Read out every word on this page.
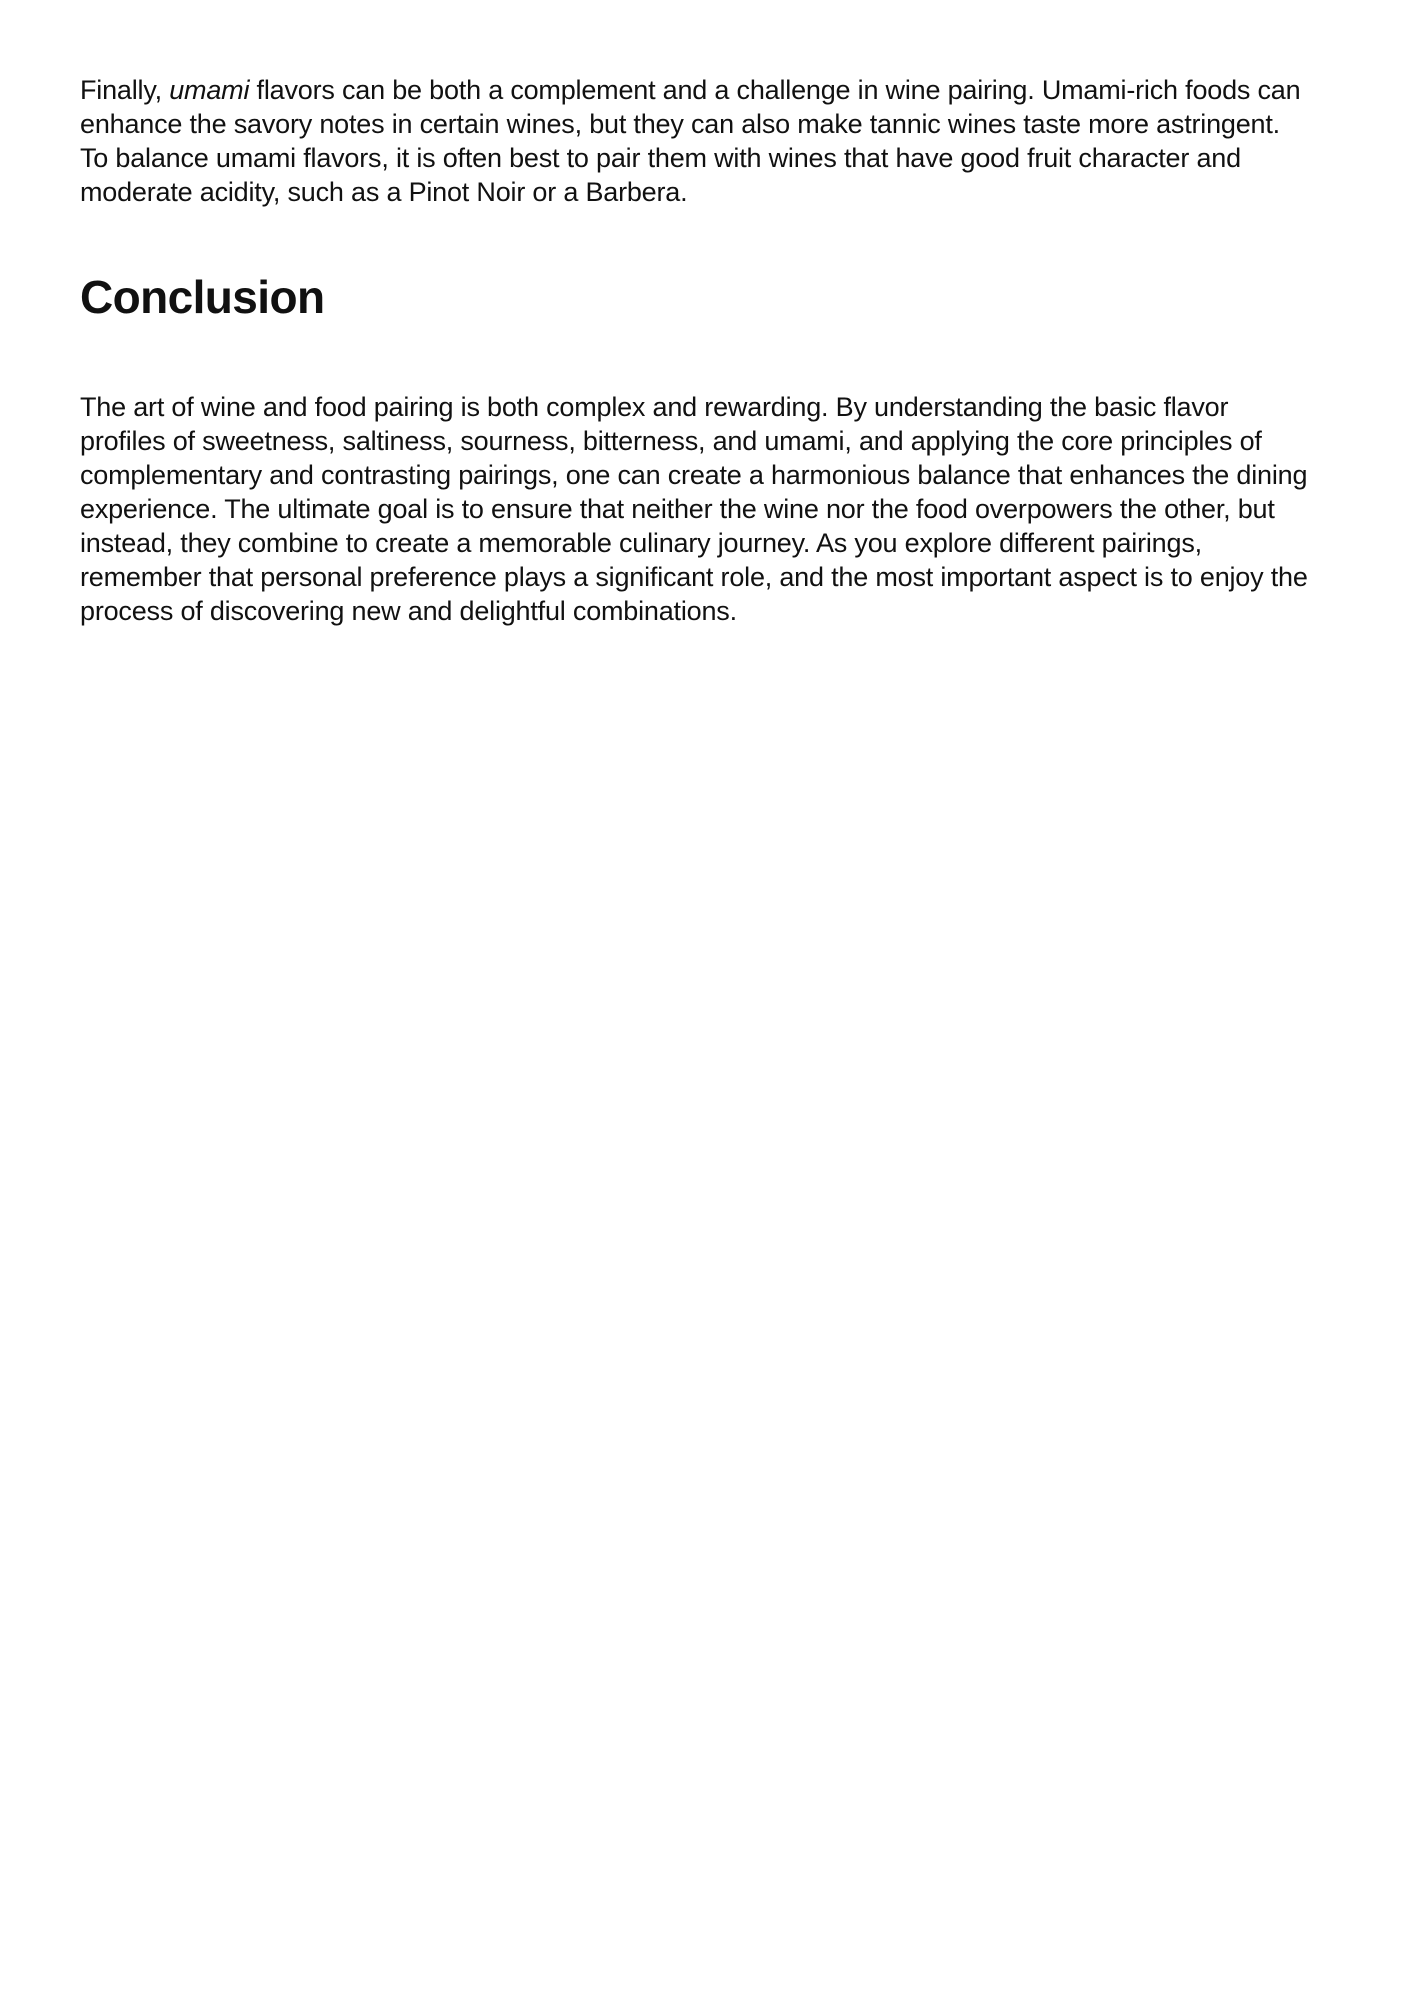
Finally, umami flavors can be both a complement and a challenge in wine pairing. Umami-rich foods can enhance the savory notes in certain wines, but they can also make tannic wines taste more astringent. To balance umami flavors, it is often best to pair them with wines that have good fruit character and moderate acidity, such as a Pinot Noir or a Barbera.

Conclusion

The art of wine and food pairing is both complex and rewarding. By understanding the basic flavor profiles of sweetness, saltiness, sourness, bitterness, and umami, and applying the core principles of complementary and contrasting pairings, one can create a harmonious balance that enhances the dining experience. The ultimate goal is to ensure that neither the wine nor the food overpowers the other, but instead, they combine to create a memorable culinary journey. As you explore different pairings, remember that personal preference plays a significant role, and the most important aspect is to enjoy the process of discovering new and delightful combinations.
